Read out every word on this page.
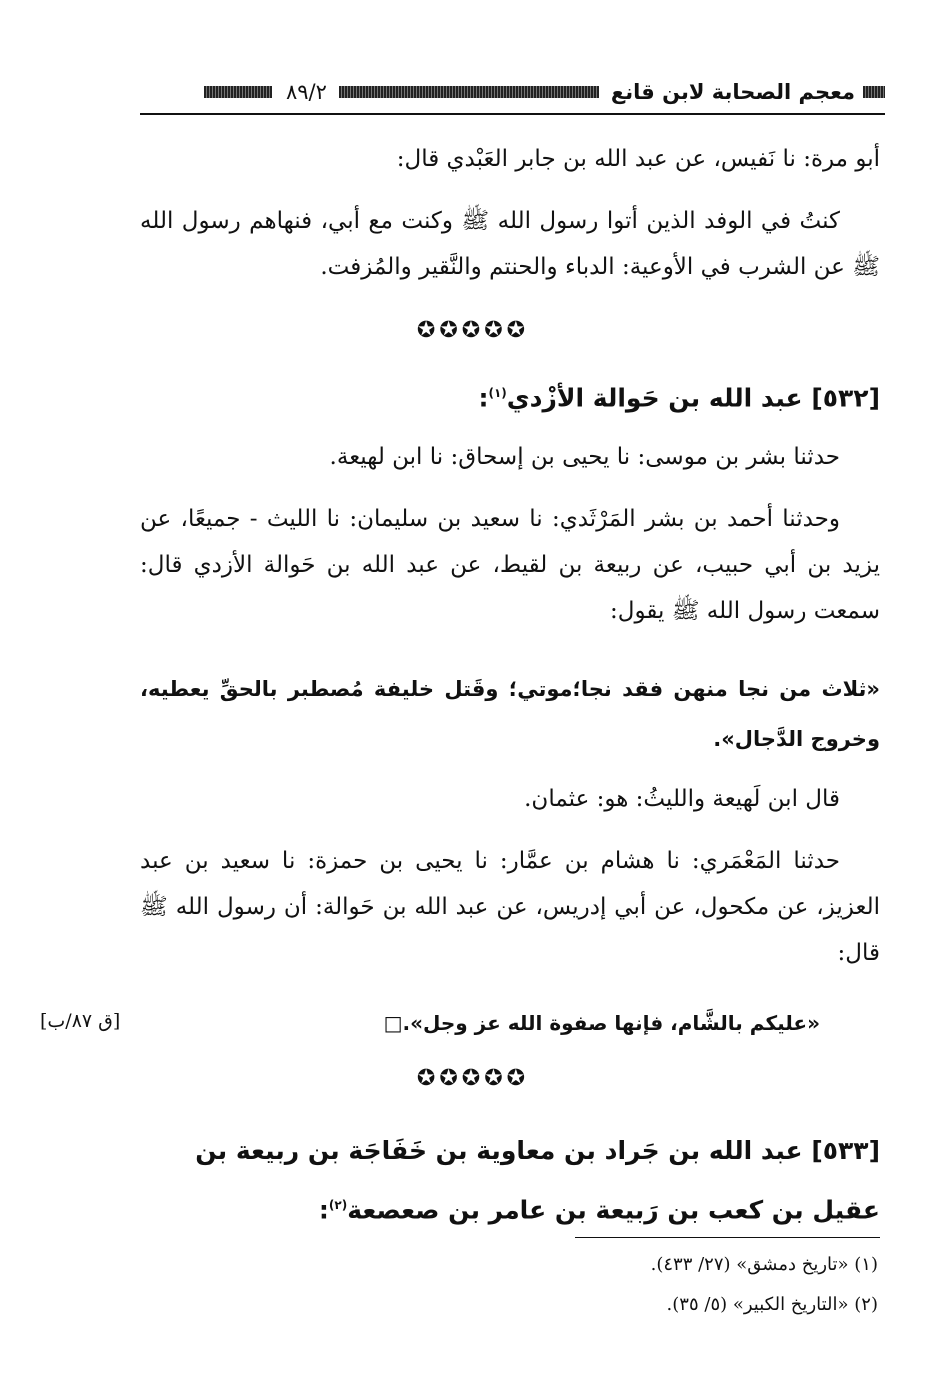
معجم الصحابة لابن قانع
٨٩/٢
أبو مرة: نا نَفيس، عن عبد الله بن جابر العَبْدي قال:
كنتُ في الوفد الذين أتوا رسول الله ﷺ وكنت مع أبي، فنهاهم رسول الله ﷺ عن الشرب في الأوعية: الدباء والحنتم والنَّقير والمُزفت.
✪✪✪✪✪
[٥٣٢] عبد الله بن حَوالة الأزْدي$^{(١)}$:
حدثنا بشر بن موسى: نا يحيى بن إسحاق: نا ابن لهيعة.
وحدثنا أحمد بن بشر المَرْثَدي: نا سعيد بن سليمان: نا الليث - جميعًا، عن يزيد بن أبي حبيب، عن ربيعة بن لقيط، عن عبد الله بن حَوالة الأزدي قال: سمعت رسول الله ﷺ يقول:
«ثلاث من نجا منهن فقد نجا؛موتي؛ وقَتل خليفة مُصطبر بالحقِّ يعطيه، وخروج الدَّجال».
قال ابن لَهيعة والليثُ: هو: عثمان.
حدثنا المَعْمَري: نا هشام بن عمَّار: نا يحيى بن حمزة: نا سعيد بن عبد العزيز، عن مكحول، عن أبي إدريس، عن عبد الله بن حَوالة: أن رسول الله ﷺ قال:
«عليكم بالشَّام، فإنها صفوة الله عز وجل».□
[ق ٨٧/ب]
✪✪✪✪✪
[٥٣٣] عبد الله بن جَراد بن معاوية بن خَفَاجَة بن ربيعة بن عقيل بن كعب بن رَبيعة بن عامر بن صعصعة$^{(٢)}$:
(١) «تاريخ دمشق» (٢٧/ ٤٣٣).
(٢) «التاريخ الكبير» (٥/ ٣٥).
